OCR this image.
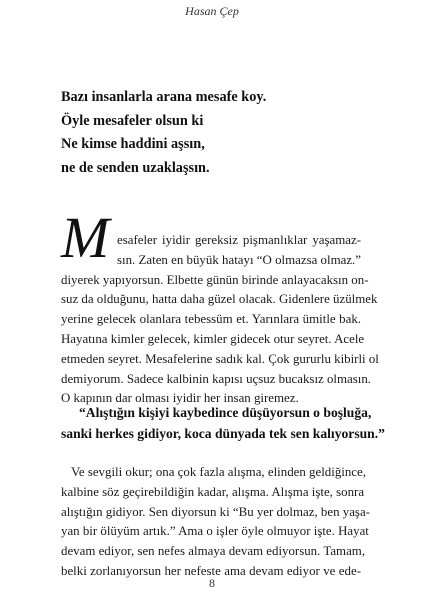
Hasan Çep
Bazı insanlarla arana mesafe koy.
Öyle mesafeler olsun ki
Ne kimse haddini aşsın,
ne de senden uzaklaşsın.
M esafeler iyidir gereksiz pişmanlıklar yaşamaz-
sın. Zaten en büyük hatayı “O olmazsa olmaz.”
diyerek yapıyorsun. Elbette günün birinde anlayacaksın on-
suz da olduğunu, hatta daha güzel olacak. Gidenlere üzülmek
yerine gelecek olanlara tebessüm et. Yarınlara ümitle bak.
Hayatına kimler gelecek, kimler gidecek otur seyret. Acele
etmeden seyret. Mesafelerine sadık kal. Çok gururlu kibirli ol
demiyorum. Sadece kalbinin kapısı uçsuz bucaksız olmasın.
O kapının dar olması iyidir her insan giremez.
“Alıştığın kişiyi kaybedince düşüyorsun o boşluğa,
sanki herkes gidiyor, koca dünyada tek sen kalıyorsun.”
Ve sevgili okur; ona çok fazla alışma, elinden geldiğince,
kalbine söz geçirebildiğin kadar, alışma. Alışma işte, sonra
alıştığın gidiyor. Sen diyorsun ki “Bu yer dolmaz, ben yaşa-
yan bir ölüyüm artık.” Ama o işler öyle olmuyor işte. Hayat
devam ediyor, sen nefes almaya devam ediyorsun. Tamam,
belki zorlanıyorsun her nefeste ama devam ediyor ve ede-
8
